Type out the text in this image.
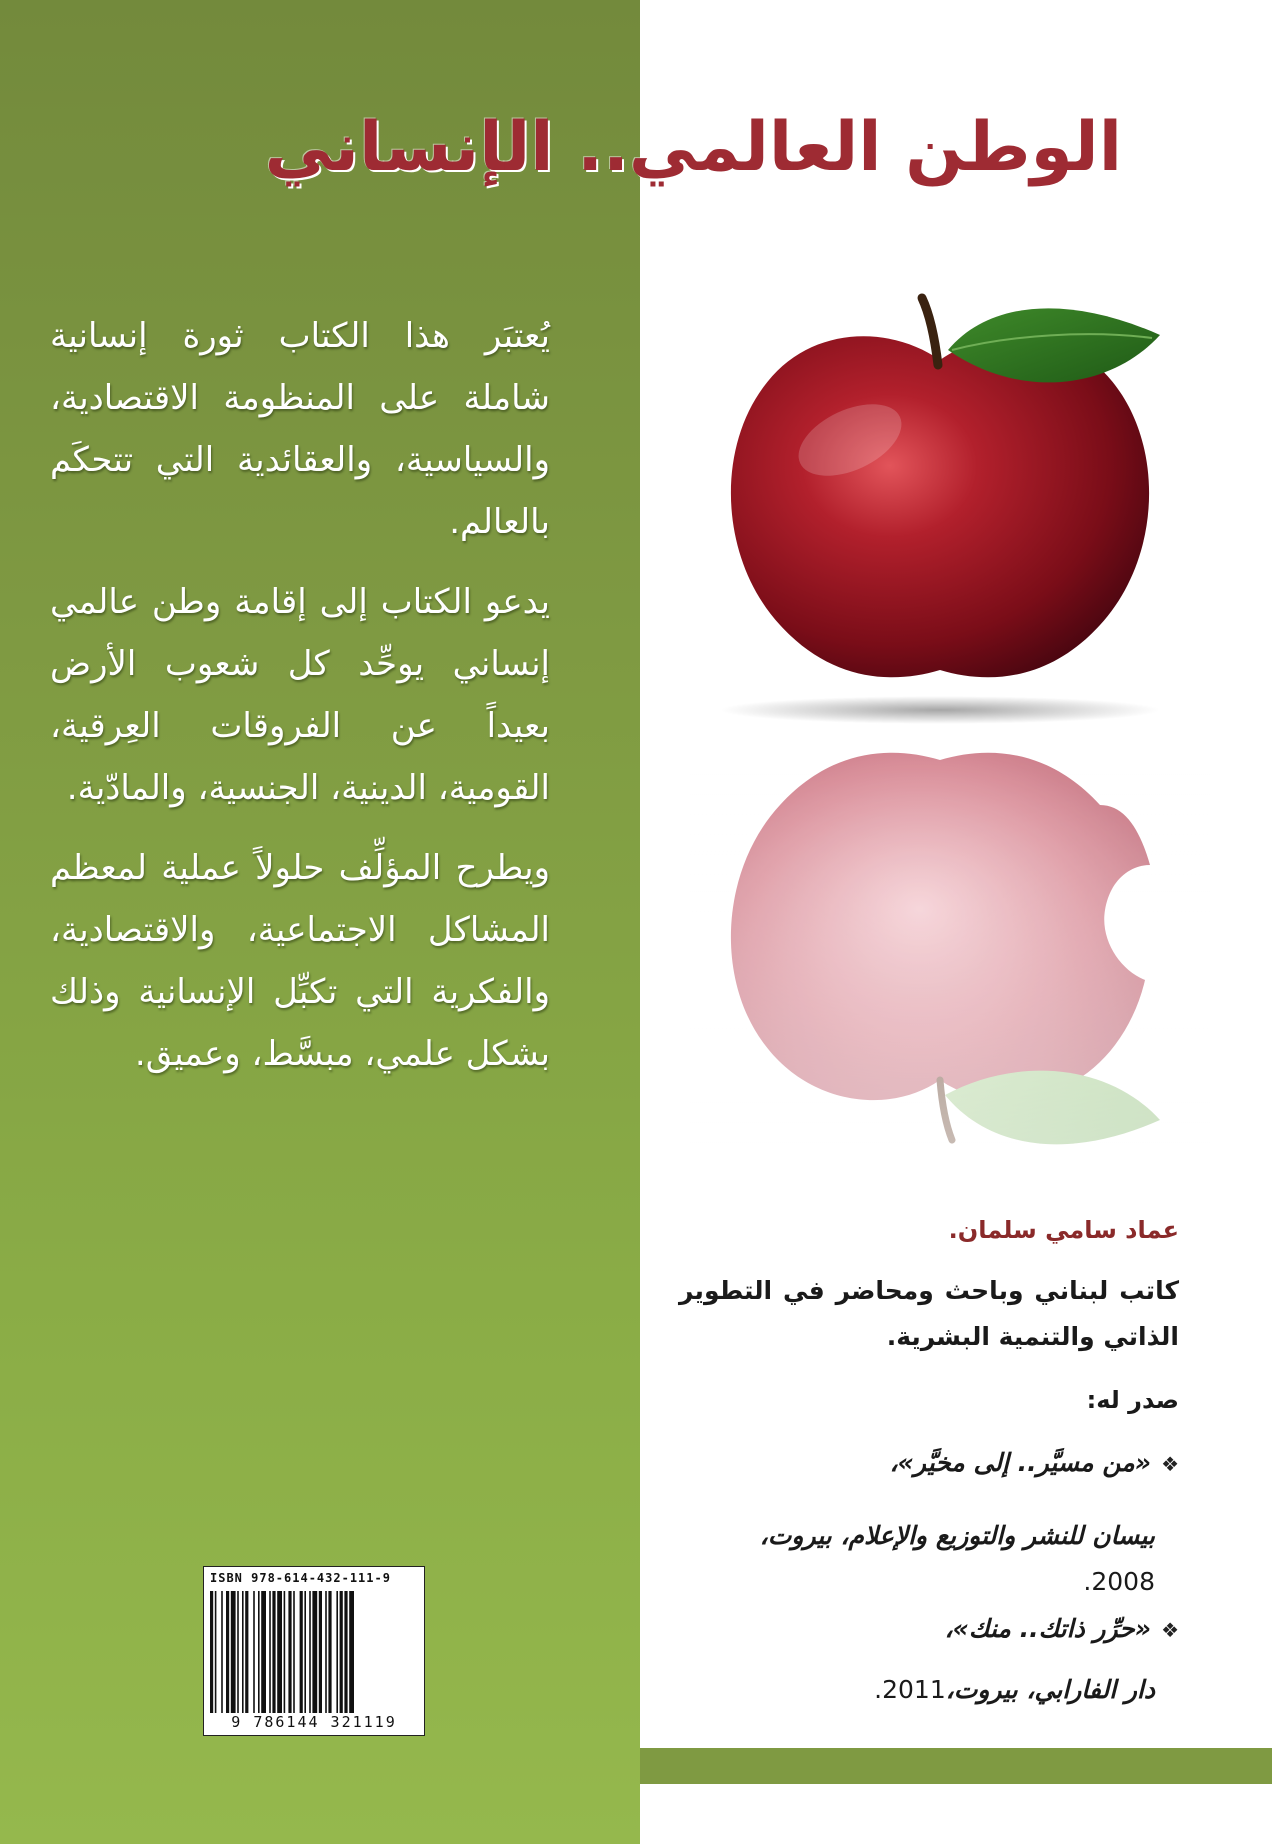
الوطن العالمي.. الإنساني

يُعتبَر هذا الكتاب ثورة إنسانية شاملة على المنظومة الاقتصادية، والسياسية، والعقائدية التي تتحكَم بالعالم.

يدعو الكتاب إلى إقامة وطن عالمي إنساني يوحِّد كل شعوب الأرض بعيداً عن الفروقات العِرقية، القومية، الدينية، الجنسية، والمادّية.

ويطرح المؤلِّف حلولاً عملية لمعظم المشاكل الاجتماعية، والاقتصادية، والفكرية التي تكبِّل الإنسانية وذلك بشكل علمي، مبسَّط، وعميق.

عماد سامي سلمان.
كاتب لبناني وباحث ومحاضر في التطوير الذاتي والتنمية البشرية.
صدر له:
❖«من مسيَّر.. إلى مخيَّر»،
بيسان للنشر والتوزيع والإعلام، بيروت،
2008.
❖«حرِّر ذاتك.. منك»،
دار الفارابي، بيروت،2011.
ISBN 978-614-432-111-9
9 786144 321119
